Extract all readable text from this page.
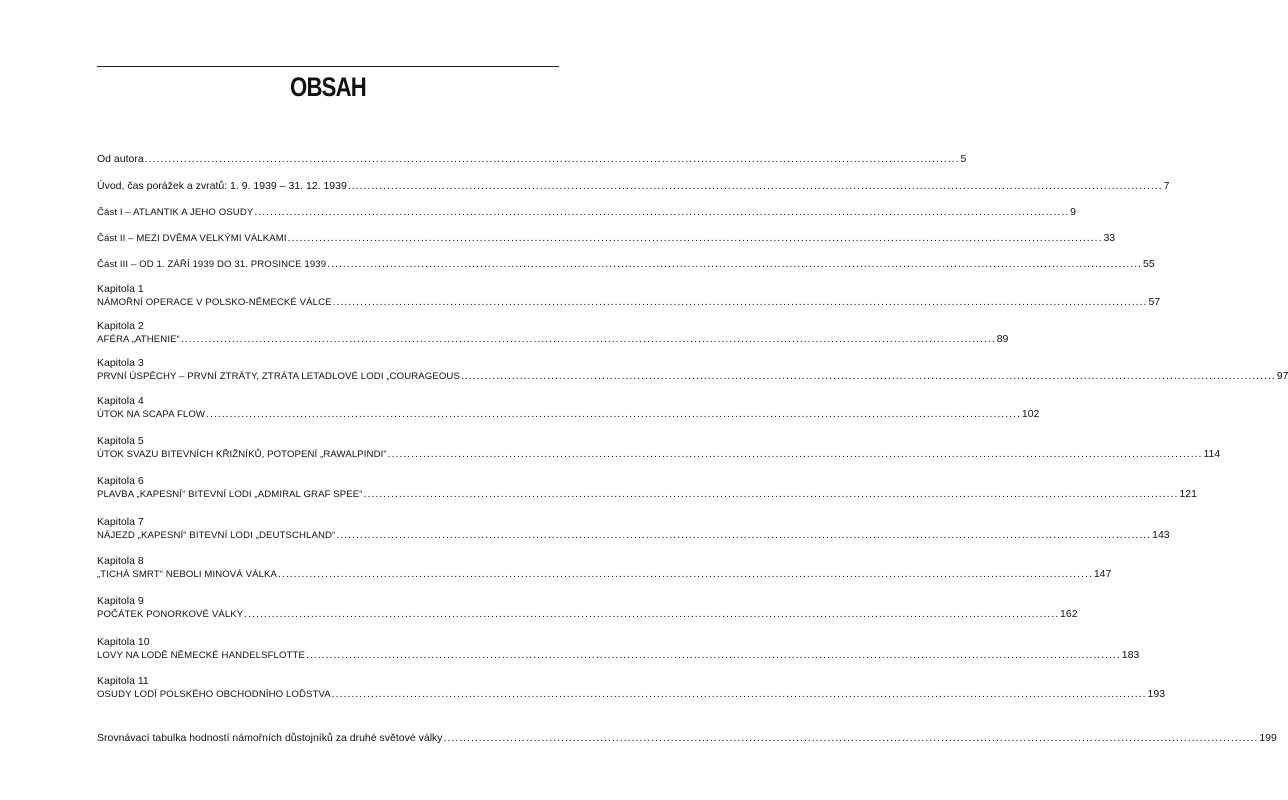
OBSAH
Od autora .....	5
Úvod, čas porážek a zvratů: 1. 9. 1939 – 31. 12. 1939 .....	7
Část I – ATLANTIK A JEHO OSUDY .....	9
Část II – MEZI DVĚMA VELKÝMI VÁLKAMI .....	33
Část III – OD 1. ZÁŘÍ 1939 DO 31. PROSINCE 1939 .....	55
Kapitola 1
NÁMOŘNÍ OPERACE V POLSKO-NĚMECKÉ VÁLCE .....	57
Kapitola 2
AFÉRA „ATHENIE“ .....	89
Kapitola 3
PRVNÍ ÚSPĚCHY – PRVNÍ ZTRÁTY, ZTRÁTA LETADLOVÉ LODI „COURAGEOUS .....	97
Kapitola 4
ÚTOK NA SCAPA FLOW .....	102
Kapitola 5
ÚTOK SVAZU BITEVNÍCH KŘIŽNÍKŮ, POTOPENÍ „RAWALPINDI“ .....	114
Kapitola 6
PLAVBA „KAPESNÍ“ BITEVNÍ LODI „ADMIRAL GRAF SPEE“ .....	121
Kapitola 7
NÁJEZD „KAPESNÍ“ BITEVNÍ LODI „DEUTSCHLAND“ .....	143
Kapitola 8
„TICHÁ SMRT“ NEBOLI MINOVÁ VÁLKA .....	147
Kapitola 9
POČÁTEK PONORKOVÉ VÁLKY .....	162
Kapitola 10
LOVY NA LODĚ NĚMECKÉ HANDELSFLOTTE .....	183
Kapitola 11
OSUDY LODÍ POLSKÉHO OBCHODNÍHO LOĎSTVA .....	193
Srovnávací tabulka hodností námořních důstojníků za druhé světové války .....	199
